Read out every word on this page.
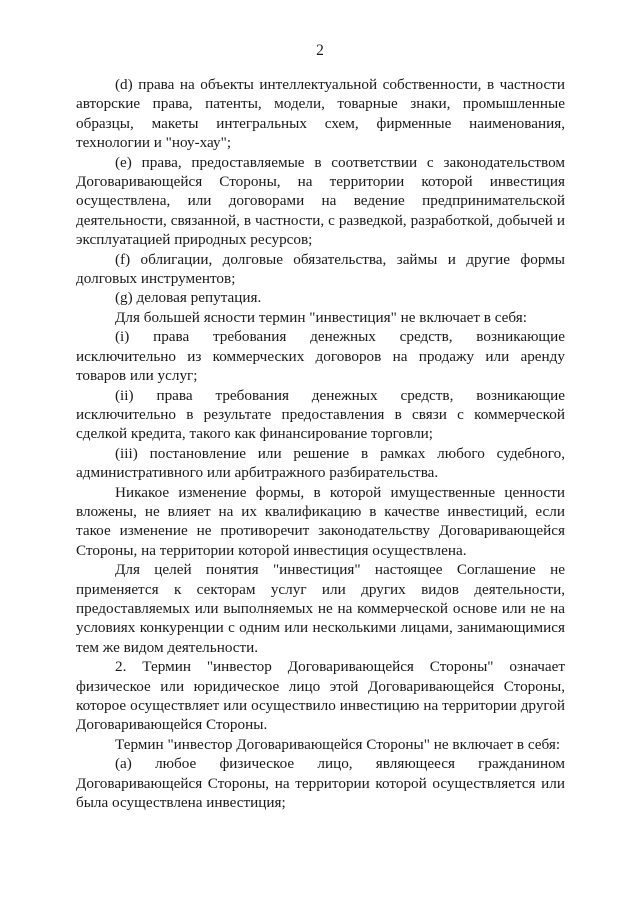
2

(d) права на объекты интеллектуальной собственности, в частности авторские права, патенты, модели, товарные знаки, промышленные образцы, макеты интегральных схем, фирменные наименования, технологии и "ноу-хау";

(e) права, предоставляемые в соответствии с законодательством Договаривающейся Стороны, на территории которой инвестиция осуществлена, или договорами на ведение предпринимательской деятельности, связанной, в частности, с разведкой, разработкой, добычей и эксплуатацией природных ресурсов;

(f) облигации, долговые обязательства, займы и другие формы долговых инструментов;

(g) деловая репутация.

Для большей ясности термин "инвестиция" не включает в себя:

(i) права требования денежных средств, возникающие исключительно из коммерческих договоров на продажу или аренду товаров или услуг;

(ii) права требования денежных средств, возникающие исключительно в результате предоставления в связи с коммерческой сделкой кредита, такого как финансирование торговли;

(iii) постановление или решение в рамках любого судебного, административного или арбитражного разбирательства.

Никакое изменение формы, в которой имущественные ценности вложены, не влияет на их квалификацию в качестве инвестиций, если такое изменение не противоречит законодательству Договаривающейся Стороны, на территории которой инвестиция осуществлена.

Для целей понятия "инвестиция" настоящее Соглашение не применяется к секторам услуг или других видов деятельности, предоставляемых или выполняемых не на коммерческой основе или не на условиях конкуренции с одним или несколькими лицами, занимающимися тем же видом деятельности.

2. Термин "инвестор Договаривающейся Стороны" означает физическое или юридическое лицо этой Договаривающейся Стороны, которое осуществляет или осуществило инвестицию на территории другой Договаривающейся Стороны.

Термин "инвестор Договаривающейся Стороны" не включает в себя:

(a) любое физическое лицо, являющееся гражданином Договаривающейся Стороны, на территории которой осуществляется или была осуществлена инвестиция;
